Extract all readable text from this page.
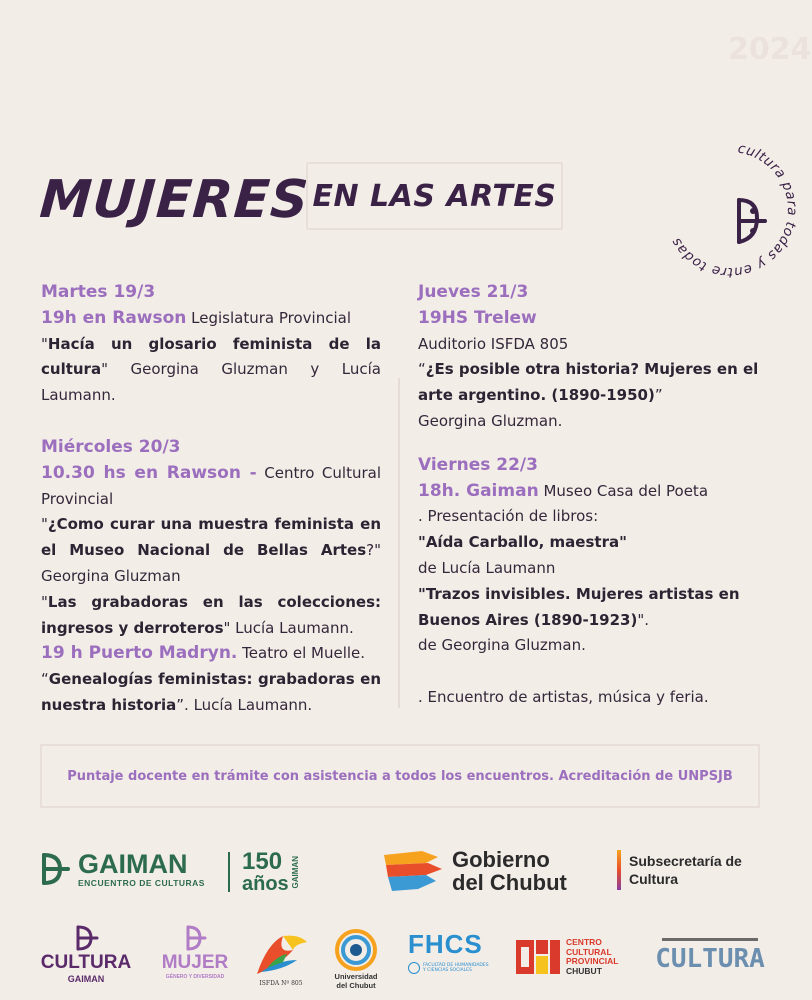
2024
MUJERES EN LAS ARTES
cultura para todas y entre todas
Martes 19/3
19h en Rawson Legislatura Provincial
"Hacía un glosario feminista de la cultura" Georgina Gluzman y Lucía Laumann.
Miércoles 20/3
10.30 hs en Rawson - Centro Cultural Provincial
"¿Como curar una muestra feminista en el Museo Nacional de Bellas Artes?" Georgina Gluzman
"Las grabadoras en las colecciones: ingresos y derroteros" Lucía Laumann.
19 h Puerto Madryn. Teatro el Muelle.
“Genealogías feministas: grabadoras en nuestra historia”. Lucía Laumann.
Jueves 21/3
19HS Trelew
Auditorio ISFDA 805
“¿Es posible otra historia? Mujeres en el arte argentino. (1890-1950)”
Georgina Gluzman.
Viernes 22/3
18h. Gaiman Museo Casa del Poeta
. Presentación de libros:
"Aída Carballo, maestra"
de Lucía Laumann
"Trazos invisibles. Mujeres artistas en Buenos Aires (1890-1923)".
de Georgina Gluzman.
. Encuentro de artistas, música y feria.
Puntaje docente en trámite con asistencia a todos los encuentros. Acreditación de UNPSJB
GAIMAN
ENCUENTRO DE CULTURAS
150
años GAIMAN	Gobierno
del Chubut
Subsecretaría de
Cultura
CULTURA
GAIMAN
MUJER
GÉNERO Y DIVERSIDAD
ISFDA Nº 805
Universidad
del Chubut
FHCS
FACULTAD DE HUMANIDADES
Y CIENCIAS SOCIALES
CENTRO
CULTURAL
PROVINCIAL
CHUBUT	CULTURA
